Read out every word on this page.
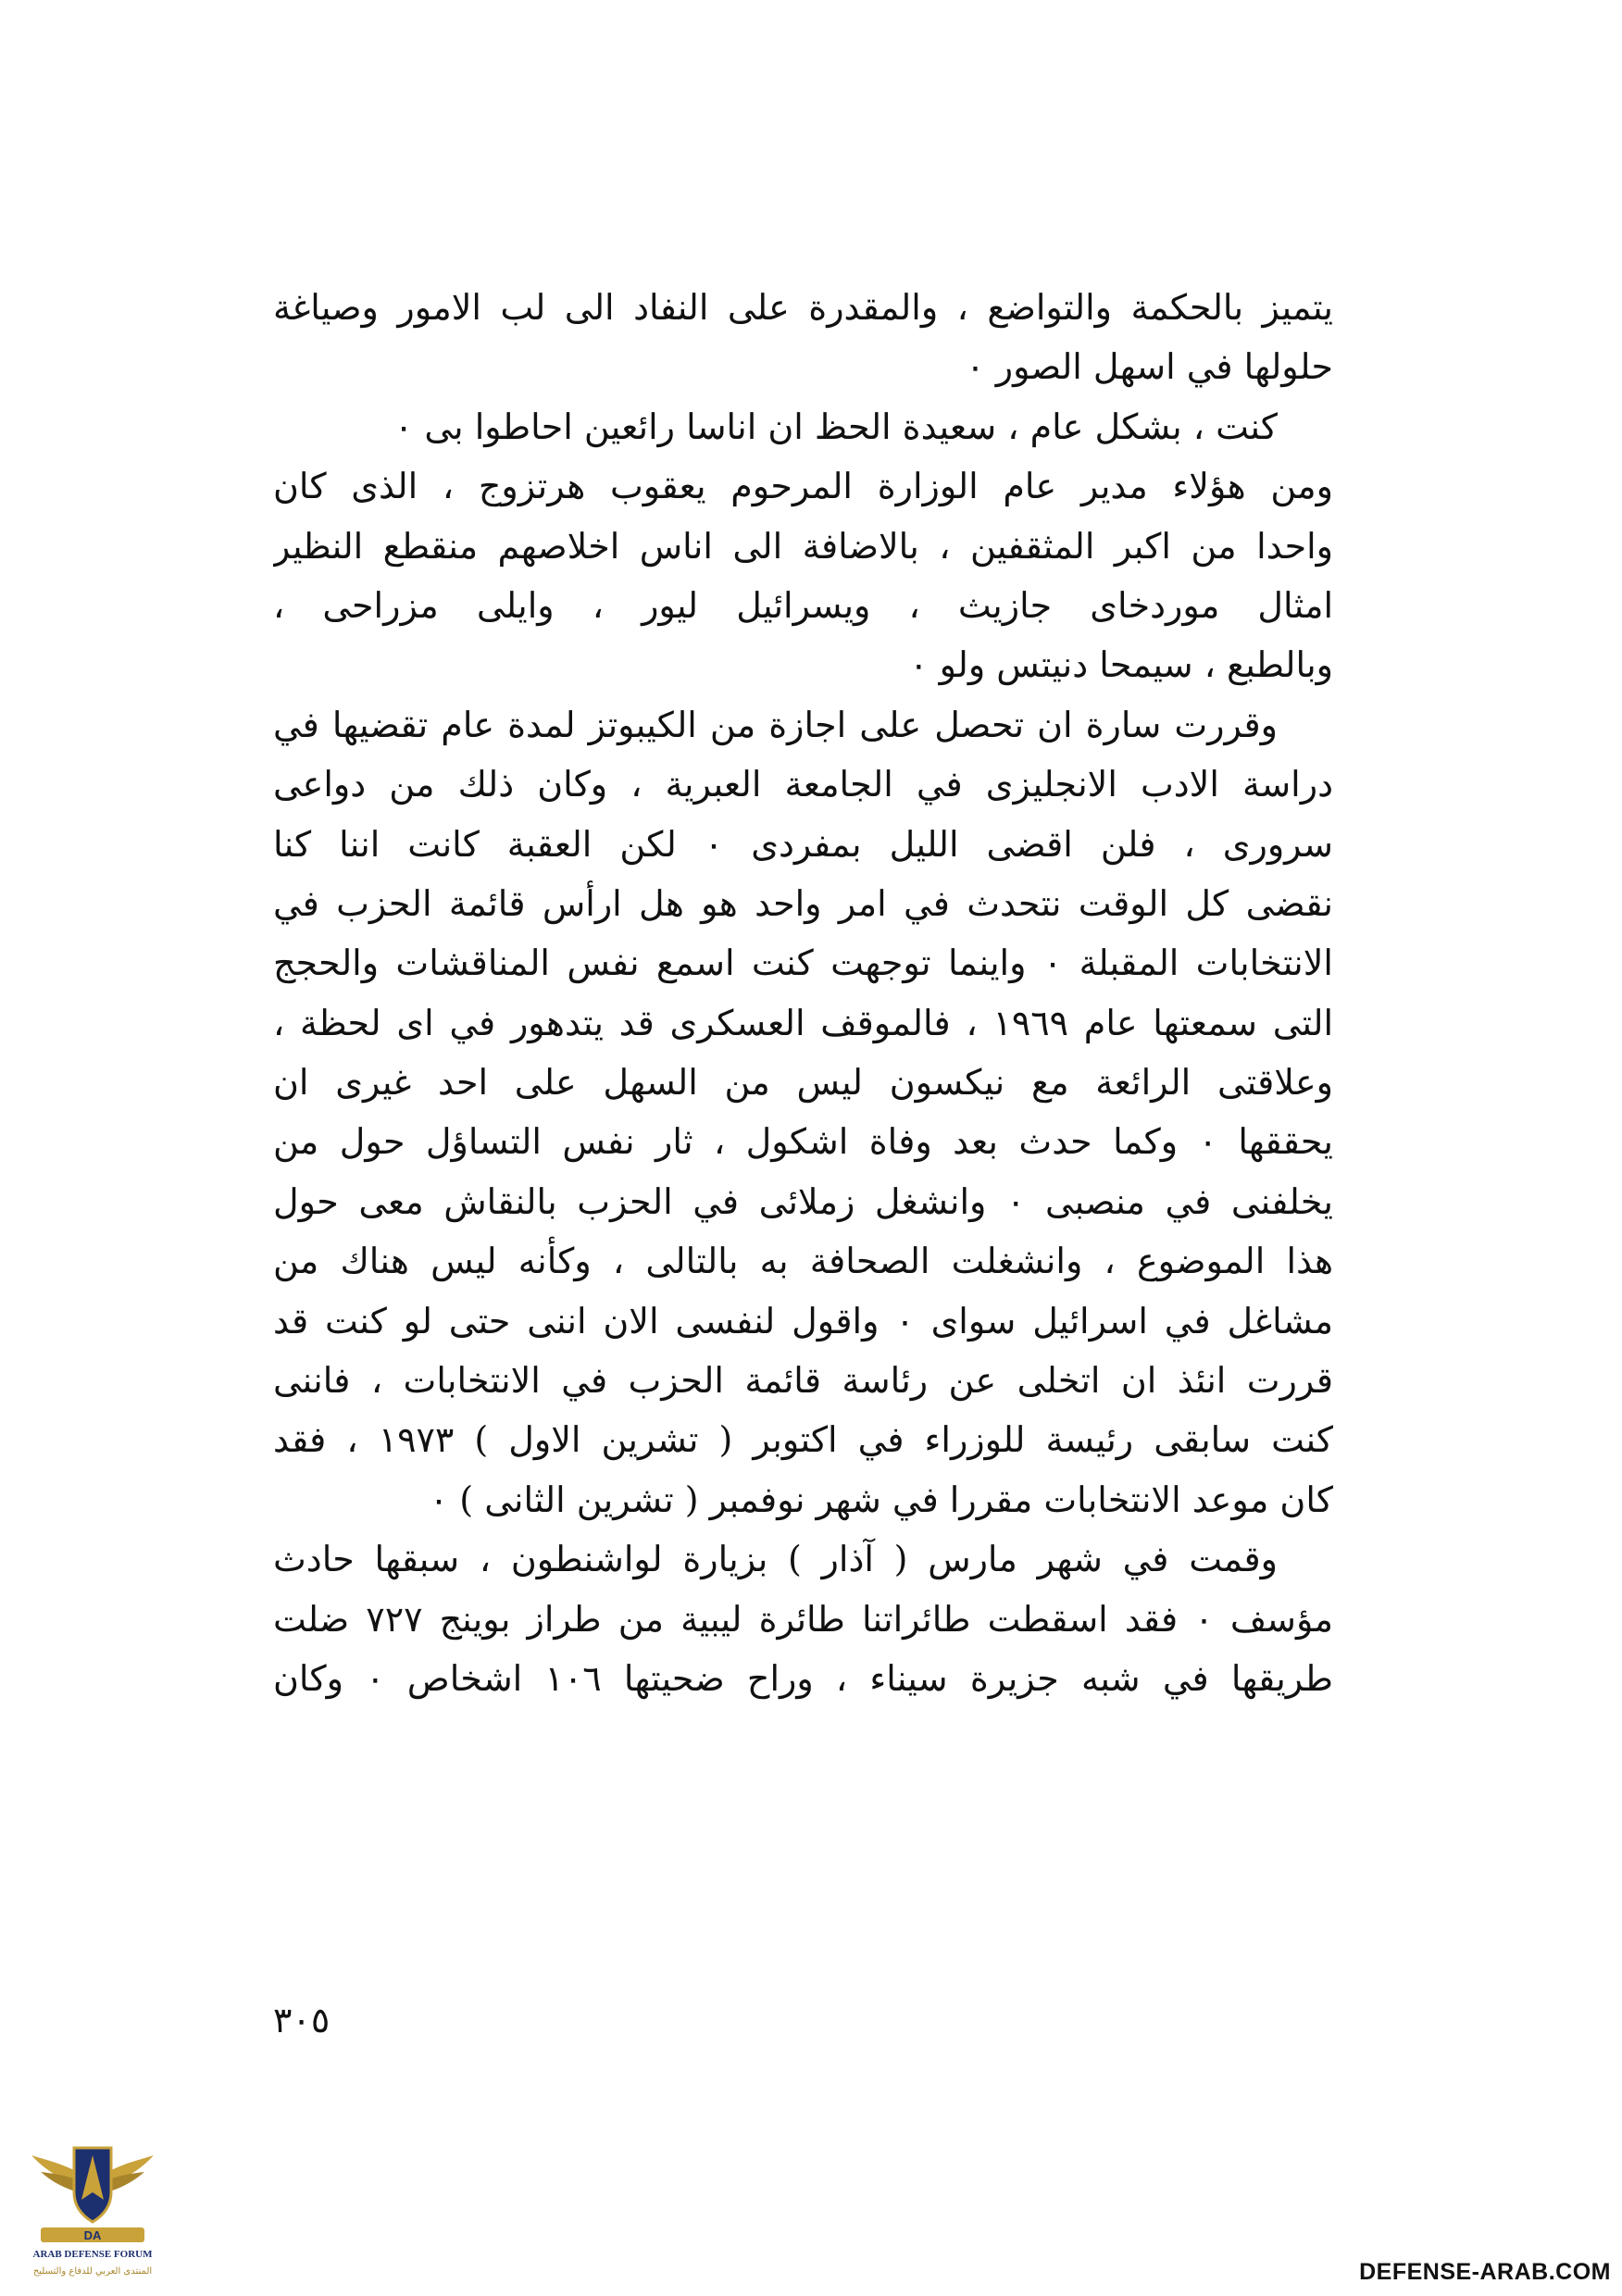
يتميز بالحكمة والتواضع ، والمقدرة على النفاد الى لب الامور وصياغة
حلولها في اسهل الصور ٠
كنت ، بشكل عام ، سعيدة الحظ ان اناسا رائعين احاطوا بى ٠
ومن هؤلاء مدير عام الوزارة المرحوم يعقوب هرتزوج ، الذى كان
واحدا من اكبر المثقفين ، بالاضافة الى اناس اخلاصهم منقطع النظير
امثال موردخاى جازيث ، ويسرائيل ليور ، وايلى مزراحى ،
وبالطبع ، سيمحا دنيتس ولو ٠
وقررت سارة ان تحصل على اجازة من الكيبوتز لمدة عام تقضيها في
دراسة الادب الانجليزى في الجامعة العبرية ، وكان ذلك من دواعى
سرورى ، فلن اقضى الليل بمفردى ٠ لكن العقبة كانت اننا كنا
نقضى كل الوقت نتحدث في امر واحد هو هل ارأس قائمة الحزب في
الانتخابات المقبلة ٠ واينما توجهت كنت اسمع نفس المناقشات والحجج
التى سمعتها عام ١٩٦٩ ، فالموقف العسكرى قد يتدهور في اى لحظة ،
وعلاقتى الرائعة مع نيكسون ليس من السهل على احد غيرى ان
يحققها ٠ وكما حدث بعد وفاة اشكول ، ثار نفس التساؤل حول من
يخلفنى في منصبى ٠ وانشغل زملائى في الحزب بالنقاش معى حول
هذا الموضوع ، وانشغلت الصحافة به بالتالى ، وكأنه ليس هناك من
مشاغل في اسرائيل سواى ٠ واقول لنفسى الان اننى حتى لو كنت قد
قررت انئذ ان اتخلى عن رئاسة قائمة الحزب في الانتخابات ، فاننى
كنت سابقى رئيسة للوزراء في اكتوبر ( تشرين الاول ) ١٩٧٣ ، فقد
كان موعد الانتخابات مقررا في شهر نوفمبر ( تشرين الثانى ) ٠
وقمت في شهر مارس ( آذار ) بزيارة لواشنطون ، سبقها حادث
مؤسف ٠ فقد اسقطت طائراتنا طائرة ليبية من طراز بوينج ٧٢٧ ضلت
طريقها في شبه جزيرة سيناء ، وراح ضحيتها ١٠٦ اشخاص ٠ وكان
٣٠٥
DA
ARAB DEFENSE FORUM
المنتدى العربي للدفاع والتسليح	DEFENSE-ARAB.COM
